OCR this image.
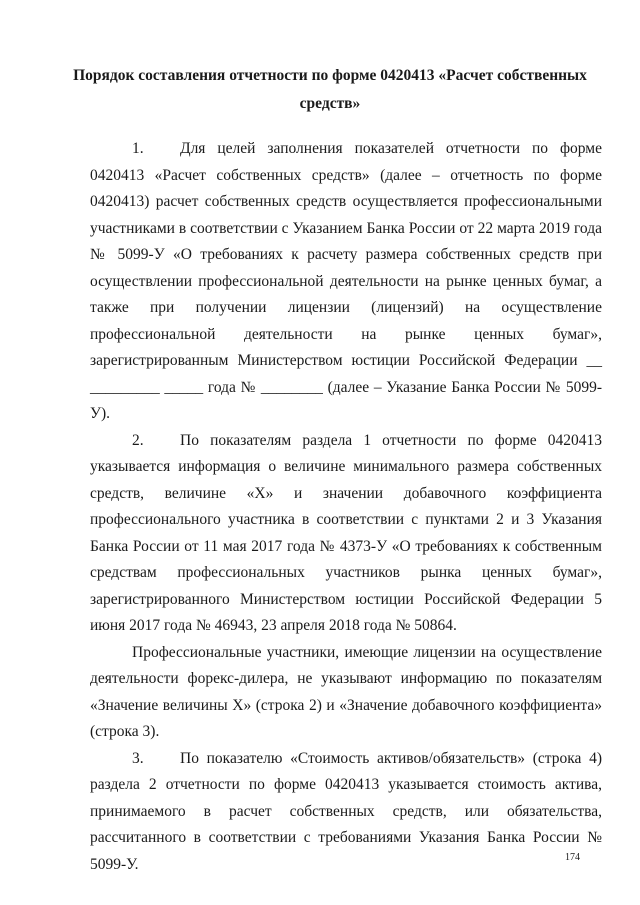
Порядок составления отчетности по форме 0420413 «Расчет собственных
средств»

1. Для целей заполнения показателей отчетности по форме 0420413 «Расчет собственных средств» (далее – отчетность по форме 0420413) расчет собственных средств осуществляется профессиональными участниками в соответствии с Указанием Банка России от 22 марта 2019 года № 5099-У «О требованиях к расчету размера собственных средств при осуществлении профессиональной деятельности на рынке ценных бумаг, а также при получении лицензии (лицензий) на осуществление профессиональной деятельности на рынке ценных бумаг», зарегистрированным Министерством юстиции Российской Федерации __ _________ _____ года № ________ (далее – Указание Банка России № 5099-У).

2. По показателям раздела 1 отчетности по форме 0420413 указывается информация о величине минимального размера собственных средств, величине «X» и значении добавочного коэффициента профессионального участника в соответствии с пунктами 2 и 3 Указания Банка России от 11 мая 2017 года № 4373-У «О требованиях к собственным средствам профессиональных участников рынка ценных бумаг», зарегистрированного Министерством юстиции Российской Федерации 5 июня 2017 года № 46943, 23 апреля 2018 года № 50864.

Профессиональные участники, имеющие лицензии на осуществление деятельности форекс-дилера, не указывают информацию по показателям «Значение величины X» (строка 2) и «Значение добавочного коэффициента» (строка 3).

3. По показателю «Стоимость активов/обязательств» (строка 4) раздела 2 отчетности по форме 0420413 указывается стоимость актива, принимаемого в расчет собственных средств, или обязательства, рассчитанного в соответствии с требованиями Указания Банка России № 5099-У.	174
